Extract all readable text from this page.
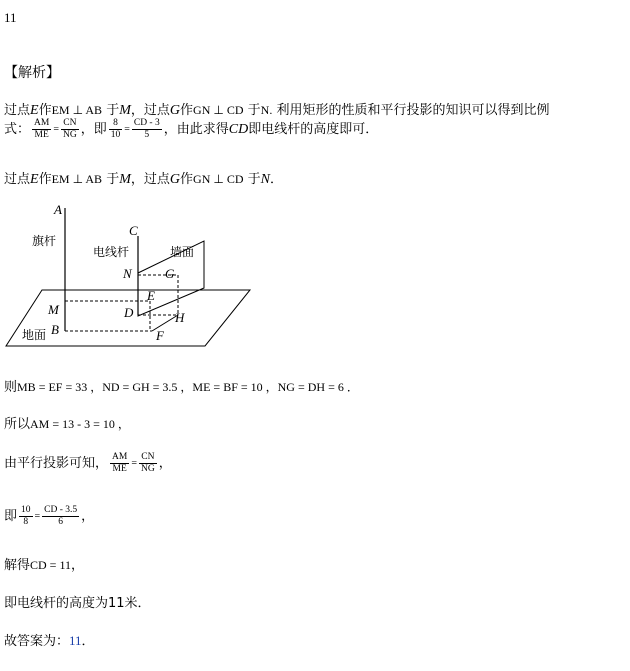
11
【解析】
过点E作EM ⊥ AB 于M，过点G作GN ⊥ CD 于N. 利用矩形的性质和平行投影的知识可以得到比例
式： $\frac{AM}{ME} = \frac{CN}{NG}$ ，即 $\frac{8}{10} = \frac{CD - 3}{5}$ ，由此求得CD即电线杆的高度即可．
过点E作EM ⊥ AB 于M，过点G作GN ⊥ CD 于N．
A
B
C
D
E
F
G
H
M
N
旗杆
电线杆	墙面
地面
则MB = EF = 33 ，ND = GH = 3.5 ，ME = BF = 10 ，NG = DH = 6 ．
所以AM = 13 - 3 = 10 ，
由平行投影可知， $\frac{AM}{ME} = \frac{CN}{NG}$ ，
即 $\frac{10}{8} = \frac{CD - 3.5}{6}$ ，
解得CD = 11，
即电线杆的高度为11米．
故答案为：11．
